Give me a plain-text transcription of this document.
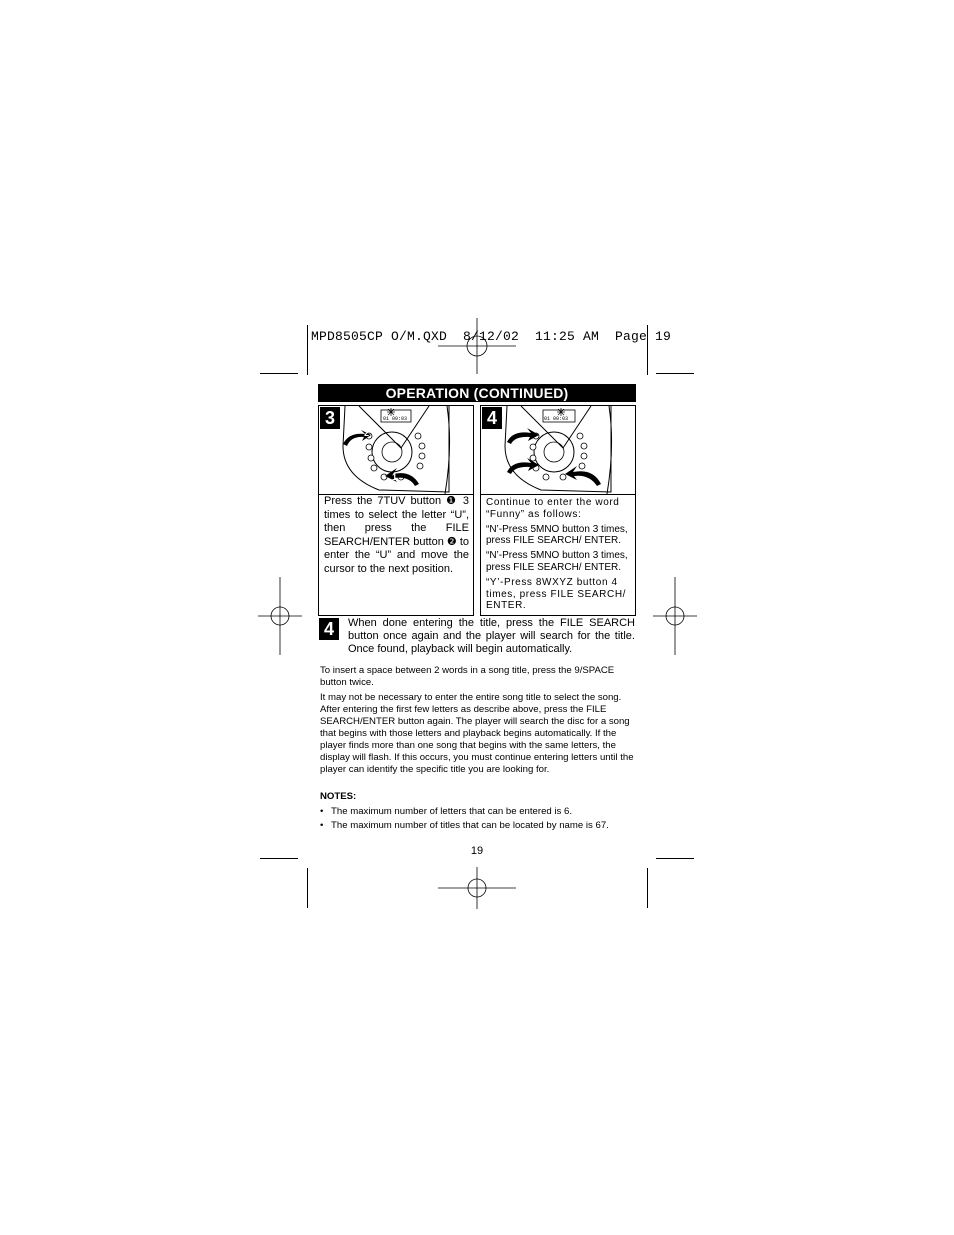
MPD8505CP O/M.QXD  8/12/02  11:25 AM  Page 19
OPERATION (CONTINUED)
3	01 00:03
2
1
Press the 7TUV button ❶ 3 times to select the letter “U”, then press the FILE SEARCH/ENTER button ❷ to enter the “U” and move the cursor to the next position.
4	01 00:03
Continue to enter the word “Funny” as follows:
“N’-Press 5MNO button 3 times, press FILE SEARCH/ ENTER.
“N’-Press 5MNO button 3 times, press FILE SEARCH/ ENTER.
“Y’-Press 8WXYZ button 4 times, press FILE SEARCH/ ENTER.
4	When done entering the title, press the FILE SEARCH button once again and the player will search for the title. Once found, playback will begin automatically.
To insert a space between 2 words in a song title, press the 9/SPACE button twice.
It may not be necessary to enter the entire song title to select the song. After entering the first few letters as describe above, press the FILE SEARCH/ENTER button again. The player will search the disc for a song that begins with those letters and playback begins automatically. If the player finds more than one song that begins with the same letters, the display will flash. If this occurs, you must continue entering letters until the player can identify the specific title you are looking for.
NOTES:
• The maximum number of letters that can be entered is 6.
• The maximum number of titles that can be located by name is 67.
19
